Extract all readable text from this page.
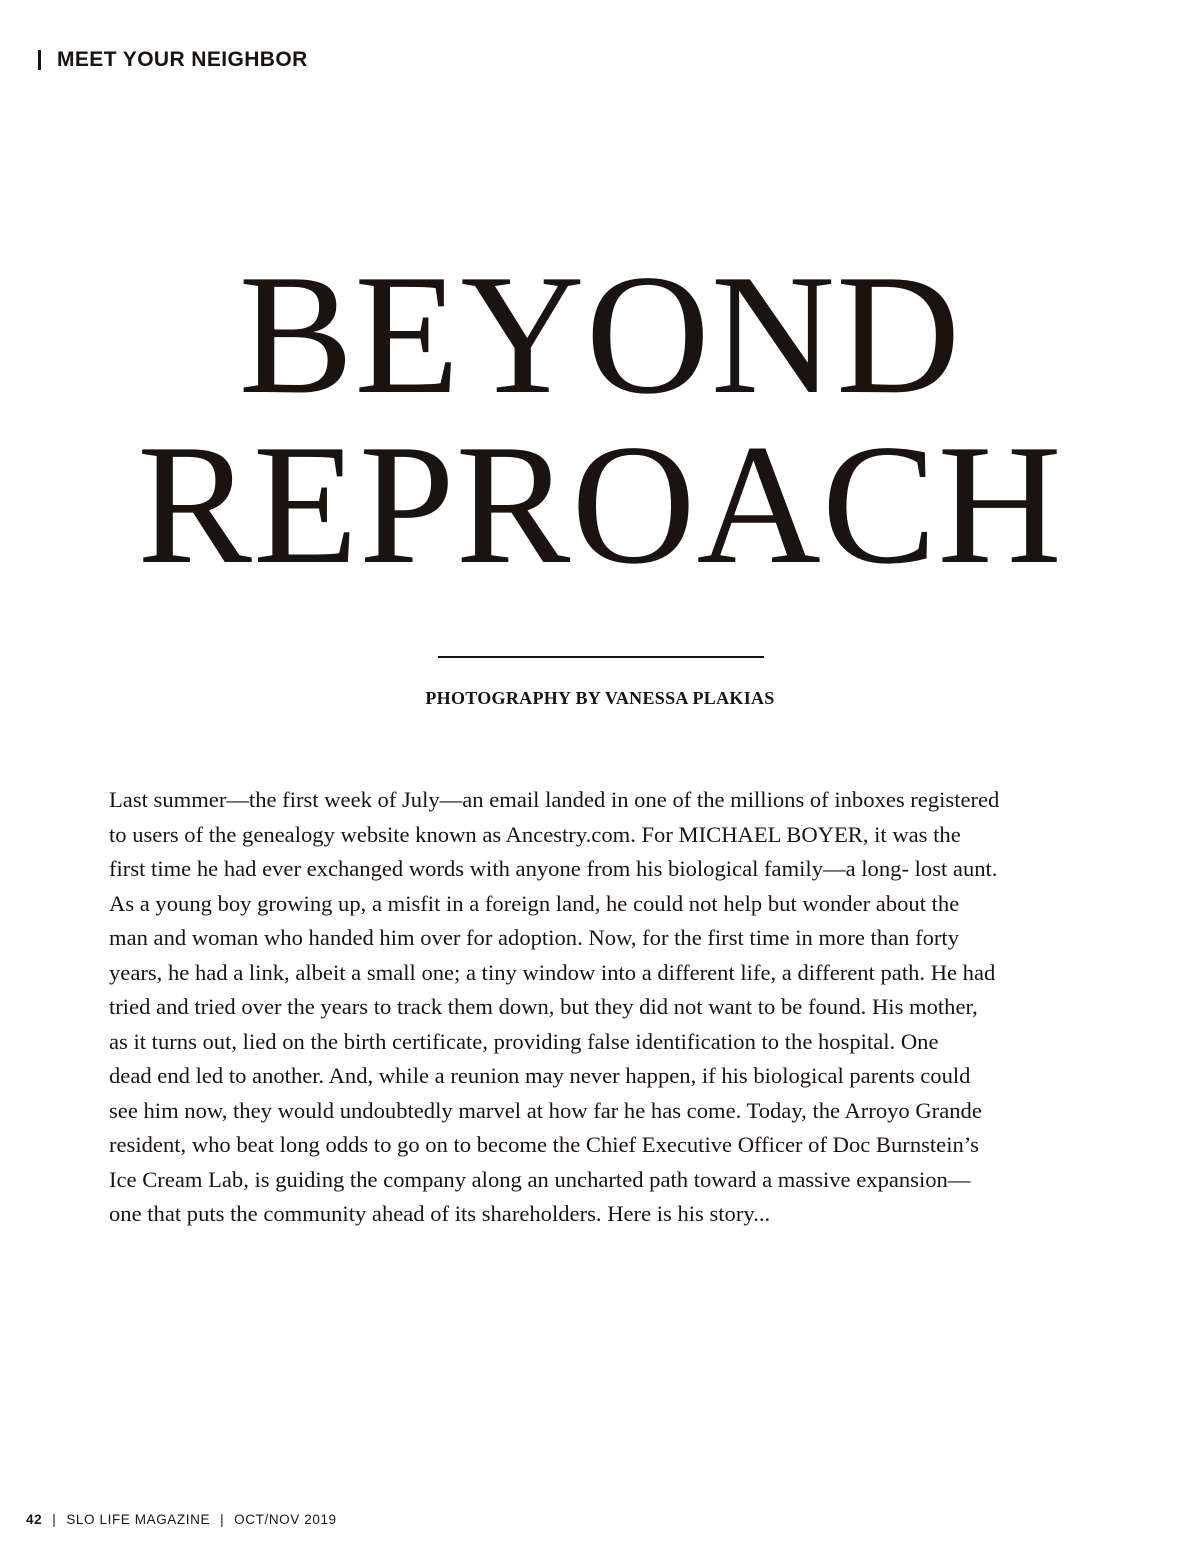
MEET YOUR NEIGHBOR
BEYOND
REPROACH
PHOTOGRAPHY BY VANESSA PLAKIAS

Last summer—the first week of July—an email landed in one of the millions of inboxes registered
to users of the genealogy website known as Ancestry.com. For MICHAEL BOYER, it was the
first time he had ever exchanged words with anyone from his biological family—a long- lost aunt.
As a young boy growing up, a misfit in a foreign land, he could not help but wonder about the
man and woman who handed him over for adoption. Now, for the first time in more than forty
years, he had a link, albeit a small one; a tiny window into a different life, a different path. He had
tried and tried over the years to track them down, but they did not want to be found. His mother,
as it turns out, lied on the birth certificate, providing false identification to the hospital. One
dead end led to another. And, while a reunion may never happen, if his biological parents could
see him now, they would undoubtedly marvel at how far he has come. Today, the Arroyo Grande
resident, who beat long odds to go on to become the Chief Executive Officer of Doc Burnstein’s
Ice Cream Lab, is guiding the company along an uncharted path toward a massive expansion—
one that puts the community ahead of its shareholders. Here is his story...

42 | SLO LIFE MAGAZINE | OCT/NOV 2019
